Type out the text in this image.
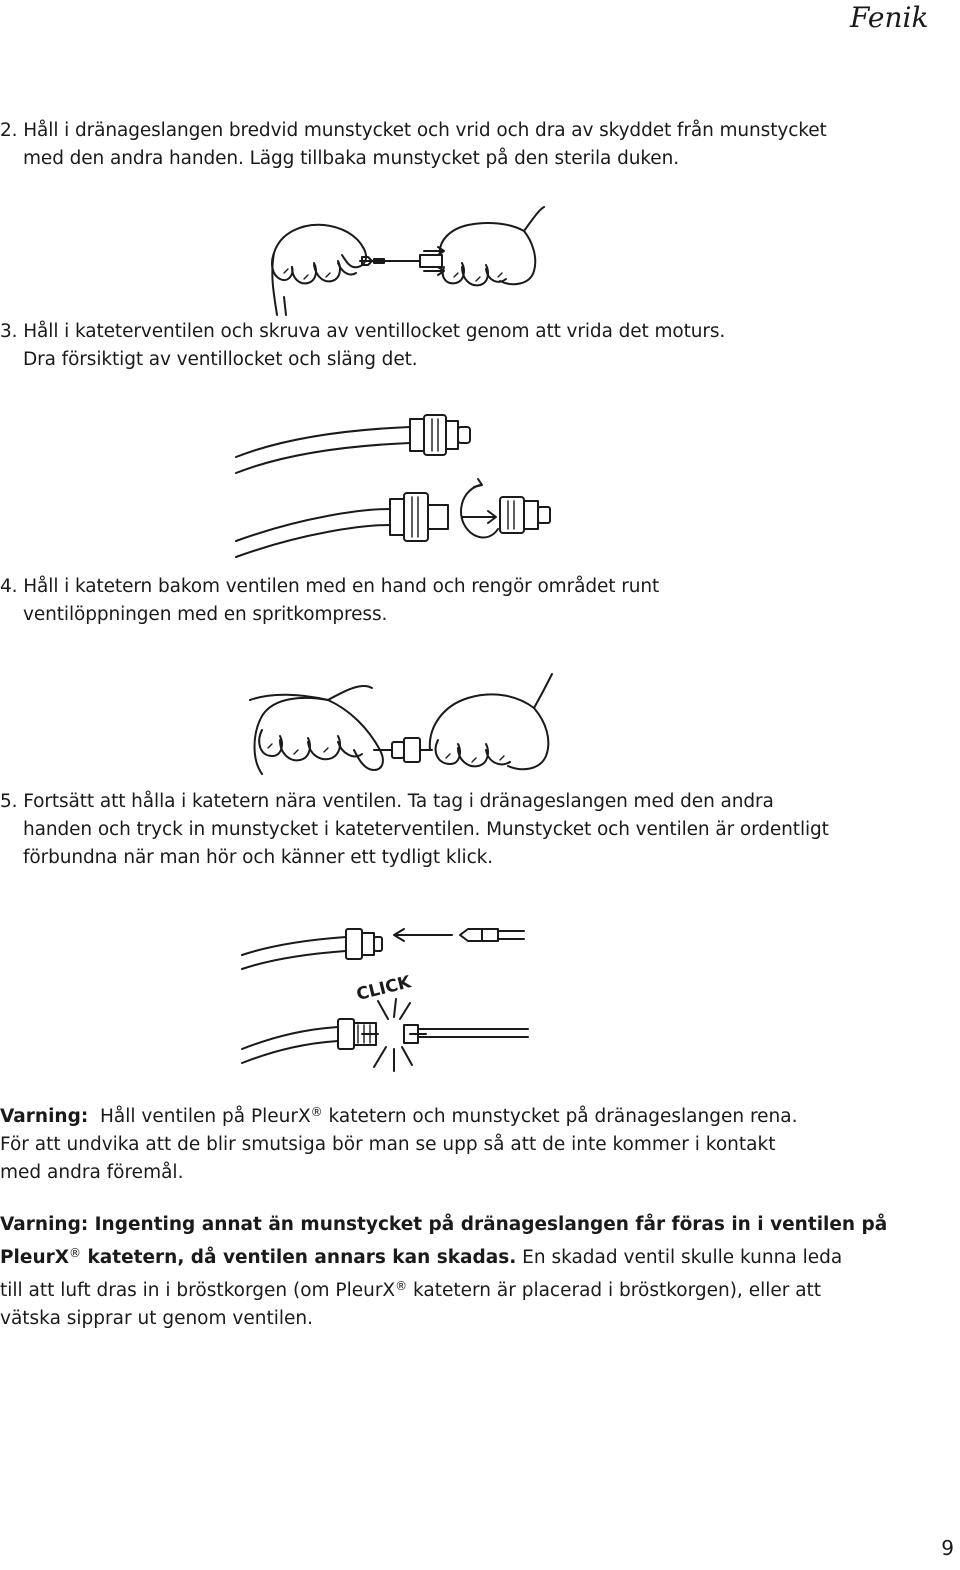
Fenik

2. Håll i dränageslangen bredvid munstycket och vrid och dra av skyddet från munstycket

med den andra handen. Lägg tillbaka munstycket på den sterila duken.

3. Håll i kateterventilen och skruva av ventillocket genom att vrida det moturs.

Dra försiktigt av ventillocket och släng det.

4. Håll i katetern bakom ventilen med en hand och rengör området runt

ventilöppningen med en spritkompress.

5. Fortsätt att hålla i katetern nära ventilen. Ta tag i dränageslangen med den andra

handen och tryck in munstycket i kateterventilen. Munstycket och ventilen är ordentligt

förbundna när man hör och känner ett tydligt klick.

CLICK

Varning: Håll ventilen på PleurX® katetern och munstycket på dränageslangen rena.

För att undvika att de blir smutsiga bör man se upp så att de inte kommer i kontakt

med andra föremål.

Varning: Ingenting annat än munstycket på dränageslangen får föras in i ventilen på

PleurX® katetern, då ventilen annars kan skadas. En skadad ventil skulle kunna leda

till att luft dras in i bröstkorgen (om PleurX® katetern är placerad i bröstkorgen), eller att

vätska sipprar ut genom ventilen.

9
